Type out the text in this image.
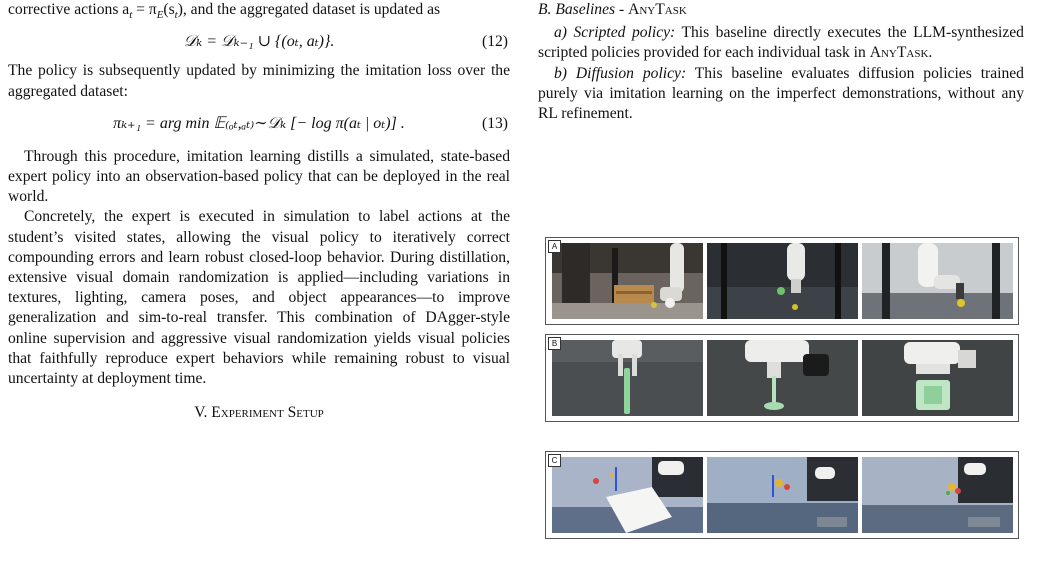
corrective actions $a_t = \pi_E(s_t)$, and the aggregated dataset is updated as

𝒟ₖ = 𝒟ₖ₋₁ ∪ {(oₜ, aₜ)}.	(12)

The policy is subsequently updated by minimizing the imitation loss over the aggregated dataset:

πₖ₊₁ = arg min 𝔼₍ₒₜ,ₐₜ₎∼𝒟ₖ [− log π(aₜ | oₜ)] .	(13)

Through this procedure, imitation learning distills a simulated, state-based expert policy into an observation-based policy that can be deployed in the real world.

Concretely, the expert is executed in simulation to label actions at the student’s visited states, allowing the visual policy to iteratively correct compounding errors and learn robust closed-loop behavior. During distillation, extensive visual domain randomization is applied—including variations in textures, lighting, camera poses, and object appearances—to improve generalization and sim-to-real transfer. This combination of DAgger-style online supervision and aggressive visual randomization yields visual policies that faithfully reproduce expert behaviors while remaining robust to visual uncertainty at deployment time.

V. Experiment Setup

B. Baselines - AnyTask

a) Scripted policy: This baseline directly executes the LLM-synthesized scripted policies provided for each individual task in AnyTask.

b) Diffusion policy: This baseline evaluates diffusion policies trained purely via imitation learning on the imperfect demonstrations, without any RL refinement.

A
B
C
